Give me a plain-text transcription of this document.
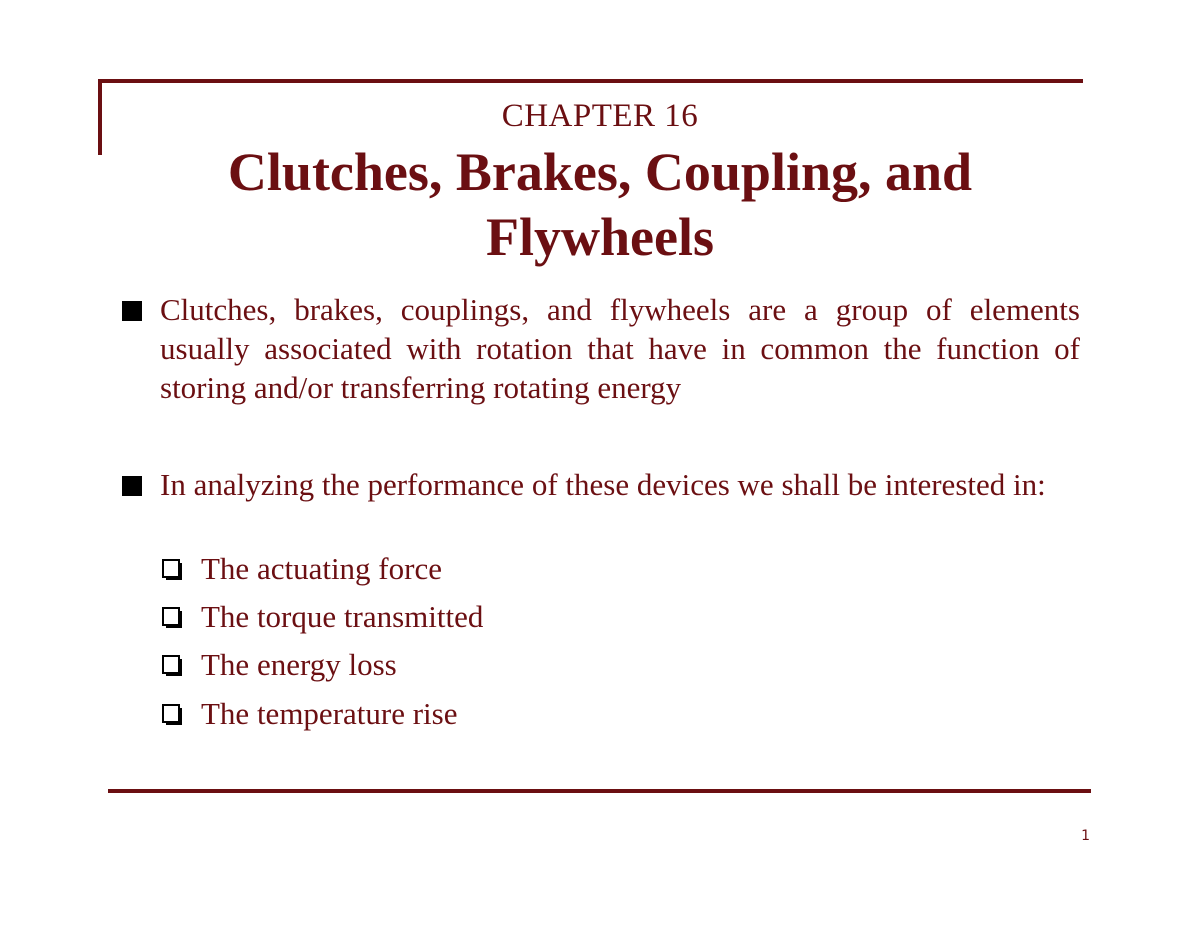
CHAPTER 16
Clutches, Brakes, Coupling, and Flywheels
Clutches, brakes, couplings, and flywheels are a group of elements usually associated with rotation that have in common the function of storing and/or transferring rotating energy
In analyzing the performance of these devices we shall be interested in:
The actuating force
The torque transmitted
The energy loss
The temperature rise
1
